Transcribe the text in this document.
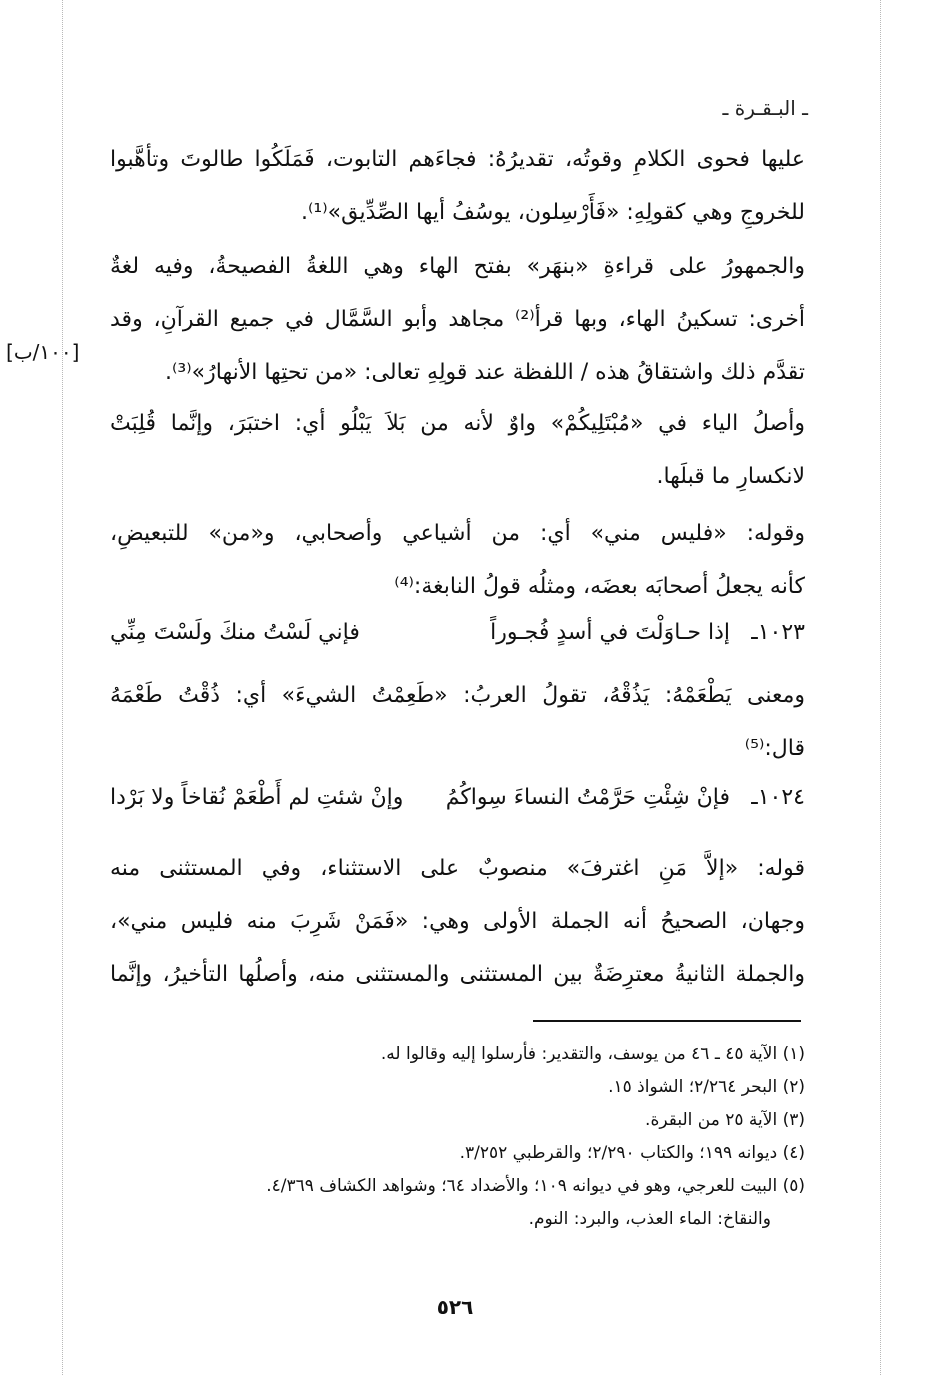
ـ البـقـرة ـ
[١٠٠/ب]
عليها فحوى الكلامِ وقوتُه، تقديرُهُ: فجاءَهم التابوت، فَمَلَكُوا طالوتَ وتأهَّبوا
للخروجِ وهي كقولِهِ: «فَأَرْسِلون، يوسُفُ أيها الصِّدِّيق»⁽¹⁾.
والجمهورُ على قراءةِ «بنهَر» بفتح الهاء وهي اللغةُ الفصيحةُ، وفيه لغةٌ
أخرى: تسكينُ الهاء، وبها قرأ⁽²⁾ مجاهد وأبو السَّمَّال في جميع القرآنِ، وقد
تقدَّم ذلك واشتقاقُ هذه / اللفظة عند قولِهِ تعالى: «من تحتِها الأنهارُ»⁽³⁾.
وأصلُ الياء في «مُبْتَلِيكُمْ» واوٌ لأنه من بَلاَ يَبْلُو أي: اختبَرَ، وإنَّما قُلِبَتْ
لانكسارِ ما قبلَها.
وقوله: «فليس مني» أي: من أشياعي وأصحابي، و«من» للتبعيضِ،
كأنه يجعلُ أصحابَه بعضَه، ومثلُه قولُ النابغة:⁽⁴⁾
١٠٢٣ـ
إذا حـاوَلْتَ في أسدٍ فُجـوراً
فإني لَسْتُ منكَ ولَسْتَ مِنِّي
ومعنى يَطْعَمْهُ: يَذُقْهُ، تقولُ العربُ: «طَعِمْتُ الشيءَ» أي: ذُقْتُ طَعْمَهُ
قال:⁽⁵⁾
١٠٢٤ـ
فإنْ شِئْتِ حَرَّمْتُ النساءَ سِواكُمُ
وإنْ شئتِ لم أَطْعَمْ نُقاخاً ولا بَرْدا
قوله: «إلاَّ مَنِ اغترفَ» منصوبٌ على الاستثناء، وفي المستثنى منه
وجهان، الصحيحُ أنه الجملة الأولى وهي: «فَمَنْ شَرِبَ منه فليس مني»،
والجملة الثانيةُ معترِضَةٌ بين المستثنى والمستثنى منه، وأصلُها التأخيرُ، وإنَّما
(١) الآية ٤٥ ـ ٤٦ من يوسف، والتقدير: فأرسلوا إليه وقالوا له.
(٢) البحر ٢/٢٦٤؛ الشواذ ١٥.
(٣) الآية ٢٥ من البقرة.
(٤) ديوانه ١٩٩؛ والكتاب ٢/٢٩٠؛ والقرطبي ٣/٢٥٢.
(٥) البيت للعرجي، وهو في ديوانه ١٠٩؛ والأضداد ٦٤؛ وشواهد الكشاف ٤/٣٦٩.
والنقاخ: الماء العذب، والبرد: النوم.
٥٢٦
